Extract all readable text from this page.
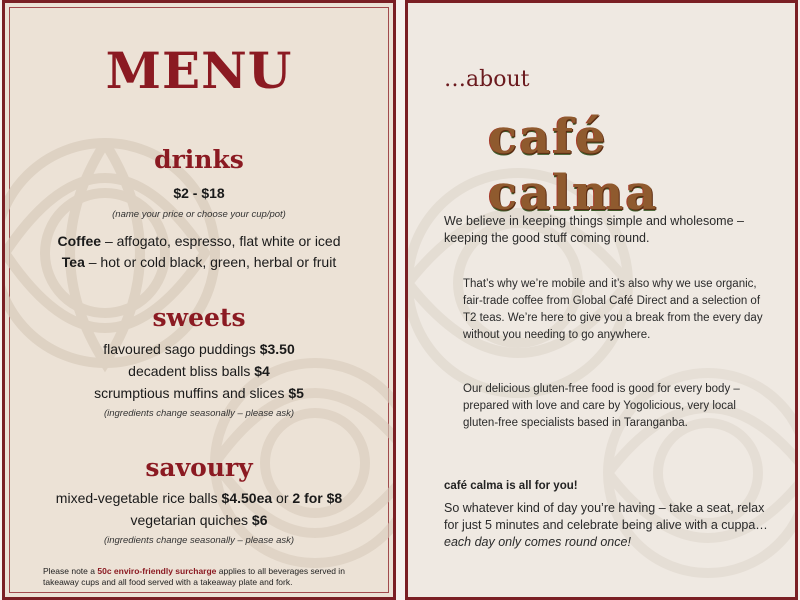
MENU
drinks
$2 - $18
(name your price or choose your cup/pot)
Coffee – affogato, espresso, flat white or iced
Tea – hot or cold black, green, herbal or fruit
sweets
flavoured sago puddings $3.50
decadent bliss balls $4
scrumptious muffins and slices $5
(ingredients change seasonally – please ask)
savoury
mixed-vegetable rice balls $4.50ea or 2 for $8
vegetarian quiches $6
(ingredients change seasonally – please ask)
Please note a 50c enviro-friendly surcharge applies to all beverages served in takeaway cups and all food served with a takeaway plate and fork.
…about
café calma
We believe in keeping things simple and wholesome – keeping the good stuff coming round.
That’s why we’re mobile and it’s also why we use organic, fair-trade coffee from Global Café Direct and a selection of T2 teas. We’re here to give you a break from the every day without you needing to go anywhere.
Our delicious gluten-free food is good for every body – prepared with love and care by Yogolicious, very local gluten-free specialists based in Taranganba.
café calma is all for you!
So whatever kind of day you’re having – take a seat, relax for just 5 minutes and celebrate being alive with a cuppa… each day only comes round once!
